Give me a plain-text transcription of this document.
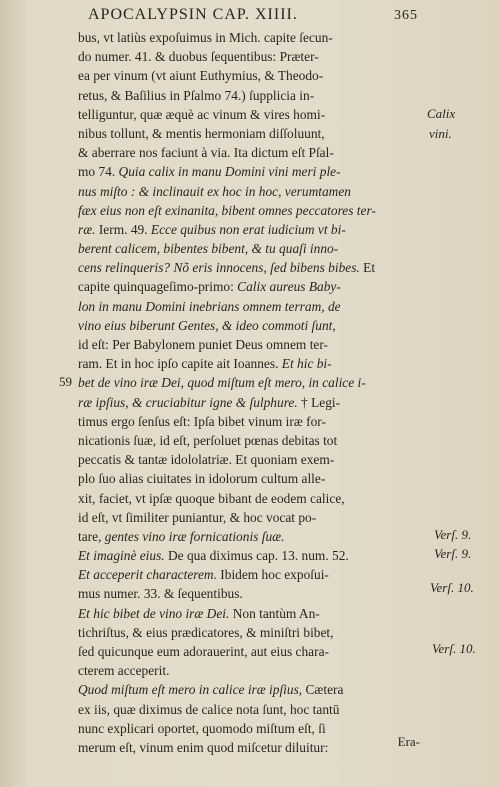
APOCALYPSIN CAP. XIIII.	365
bus, vt latiùs expoſuimus in Mich. capite ſecun-
do numer. 41. & duobus ſequentibus: Præter-
ea per vinum (vt aiunt Euthymius, & Theodo-
retus, & Baſilius in Pſalmo 74.) ſupplicia in-
telliguntur, quæ æquè ac vinum & vires homi-
nibus tollunt, & mentis hermoniam diſſoluunt,
& aberrare nos faciunt à via. Ita dictum eſt Pſal-
mo 74. Quia calix in manu Domini vini meri ple-
nus miſto : & inclinauit ex hoc in hoc, verumtamen
fæx eius non eſt exinanita, bibent omnes peccatores ter-
ræ. Ierm. 49. Ecce quibus non erat iudicium vt bi-
berent calicem, bibentes bibent, & tu quaſi inno-
cens relinqueris? Nõ eris innocens, ſed bibens bibes. Et
capite quinquageſimo-primo: Calix aureus Baby-
lon in manu Domini inebrians omnem terram, de
vino eius biberunt Gentes, & ideo commoti ſunt,
id eſt: Per Babylonem puniet Deus omnem ter-
ram. Et in hoc ipſo capite ait Ioannes. Et hic bi-
bet de vino iræ Dei, quod miſtum eſt mero, in calice i-
ræ ipſius, & cruciabitur igne & ſulphure. † Legi-
timus ergo ſenſus eſt: Ipſa bibet vinum iræ for-
nicationis ſuæ, id eſt, perſoluet pœnas debitas tot
peccatis & tantæ idololatriæ. Et quoniam exem-
plo ſuo alias ciuitates in idolorum cultum alle-
xit, faciet, vt ipſæ quoque bibant de eodem calice,
id eſt, vt ſimiliter puniantur, & hoc vocat po-
tare, gentes vino iræ fornicationis ſuæ.
Et imaginè eius. De qua diximus cap. 13. num. 52.
Et acceperit characterem. Ibidem hoc expoſui-
mus numer. 33. & ſequentibus.
Et hic bibet de vino iræ Dei. Non tantùm An-
tichriſtus, & eius prædicatores, & miniſtri bibet,
ſed quicunque eum adorauerint, aut eius chara-
cterem acceperit.
Quod miſtum eſt mero in calice iræ ipſius, Cætera
ex iis, quæ diximus de calice nota ſunt, hoc tantū
nunc explicari oportet, quomodo miſtum eſt, ſi
merum eſt, vinum enim quod miſcetur diluitur:
Calix
vini.
59
Verſ. 9.
Verſ. 9.
Verſ. 10.
Verſ. 10.
Era-
